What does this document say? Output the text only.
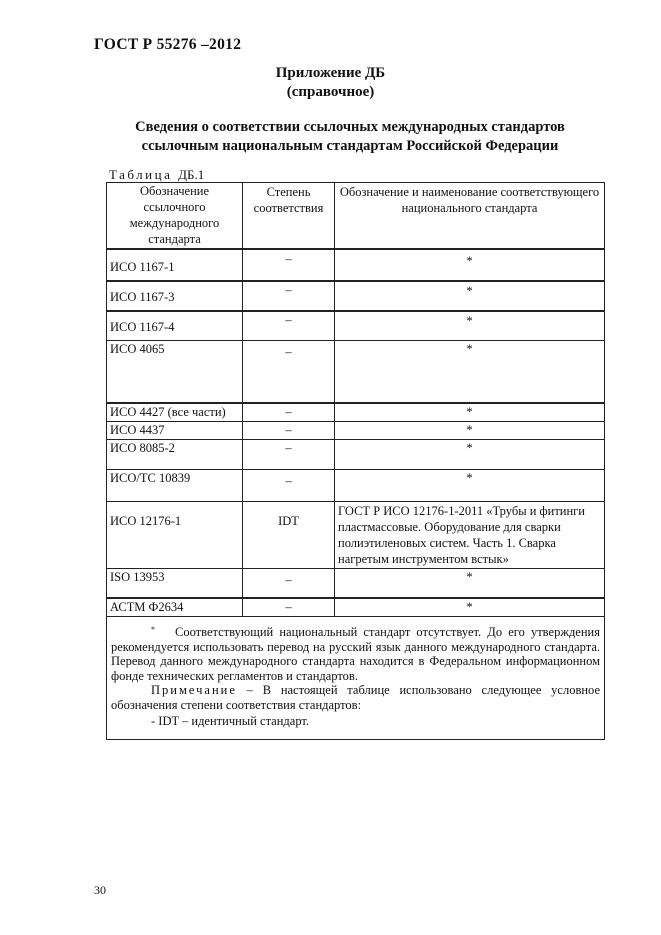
ГОСТ Р 55276 –2012
Приложение ДБ
(справочное)
Сведения о соответствии ссылочных международных стандартов
ссылочным национальным стандартам Российской Федерации
Таблица ДБ.1
Обозначение ссылочного международного стандарта	Степень соответствия	Обозначение и наименование соответствующего национального стандарта
ИСО 1167-1	–	*
ИСО 1167-3	–	*
ИСО 1167-4	–	*
ИСО 4065	–	*
ИСО 4427 (все части)	–	*
ИСО 4437	–	*
ИСО 8085-2	–	*
ИСО/ТС 10839	–	*
ИСО 12176-1	IDT	ГОСТ Р ИСО 12176-1-2011 «Трубы и фитинги пластмассовые. Оборудование для сварки полиэтиленовых систем. Часть 1. Сварка нагретым инструментом встык»
ISO 13953	–	*
АСТМ Ф2634	–	*

* Соответствующий национальный стандарт отсутствует. До его утверждения рекомендуется использовать перевод на русский язык данного международного стандарта. Перевод данного международного стандарта находится в Федеральном информационном фонде технических регламентов и стандартов.

Примечание – В настоящей таблице использовано следующее условное обозначения степени соответствия стандартов:

- IDT – идентичный стандарт.		

30
